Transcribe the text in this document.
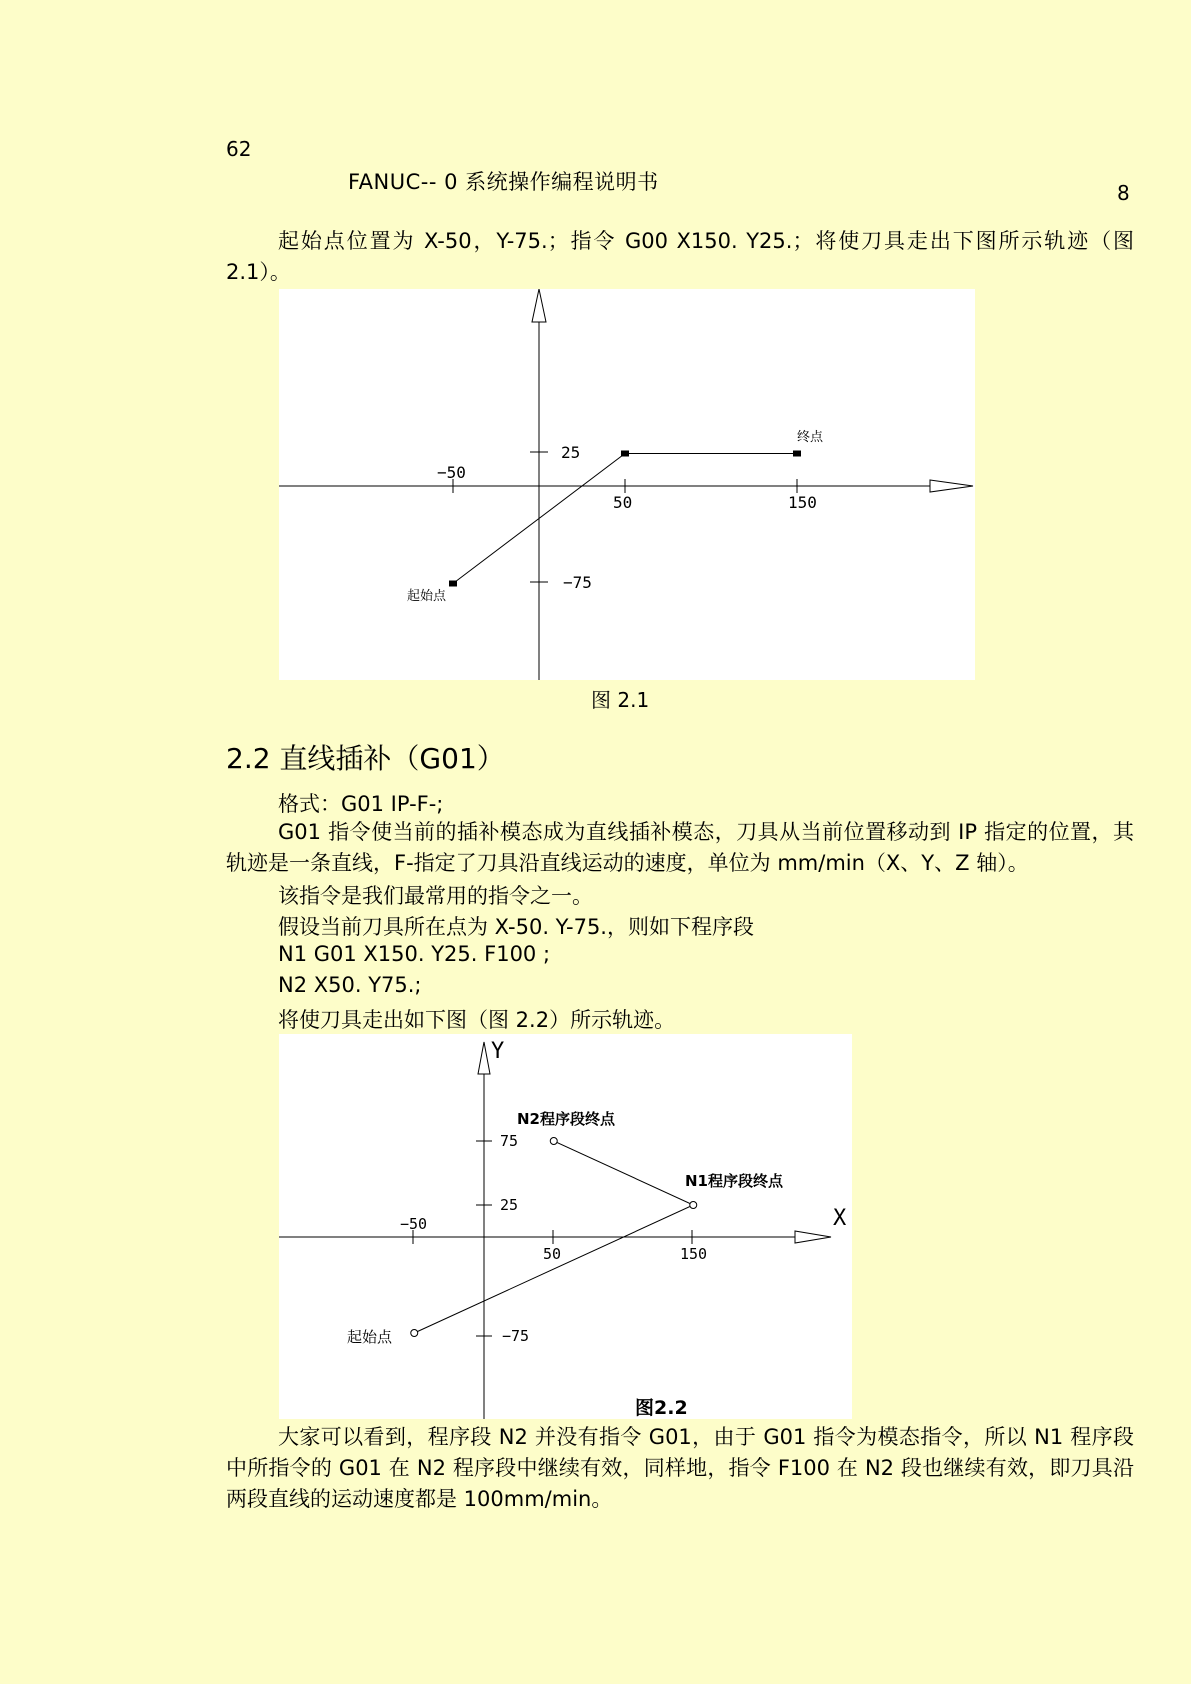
62
FANUC-- 0 系统操作编程说明书	8

起始点位置为 X-50，Y-75.；指令 G00 X150. Y25.；将使刀具走出下图所示轨迹（图 2.1）。

−50
50	150
25
−75
终点
起始点
图 2.1
2.2 直线插补（G01）
格式：G01 IP-F-;

G01 指令使当前的插补模态成为直线插补模态，刀具从当前位置移动到 IP 指定的位置，其轨迹是一条直线，F-指定了刀具沿直线运动的速度，单位为 mm/min（X、Y、Z 轴）。

该指令是我们最常用的指令之一。
假设当前刀具所在点为 X-50. Y-75.，则如下程序段
N1 G01 X150. Y25. F100 ;
N2 X50. Y75.;
将使刀具走出如下图（图 2.2）所示轨迹。
Y
X
−50
50	150
75
25
−75
N2程序段终点
N1程序段终点
起始点
图2.2

大家可以看到，程序段 N2 并没有指令 G01，由于 G01 指令为模态指令，所以 N1 程序段中所指令的 G01 在 N2 程序段中继续有效，同样地，指令 F100 在 N2 段也继续有效，即刀具沿两段直线的运动速度都是 100mm/min。
